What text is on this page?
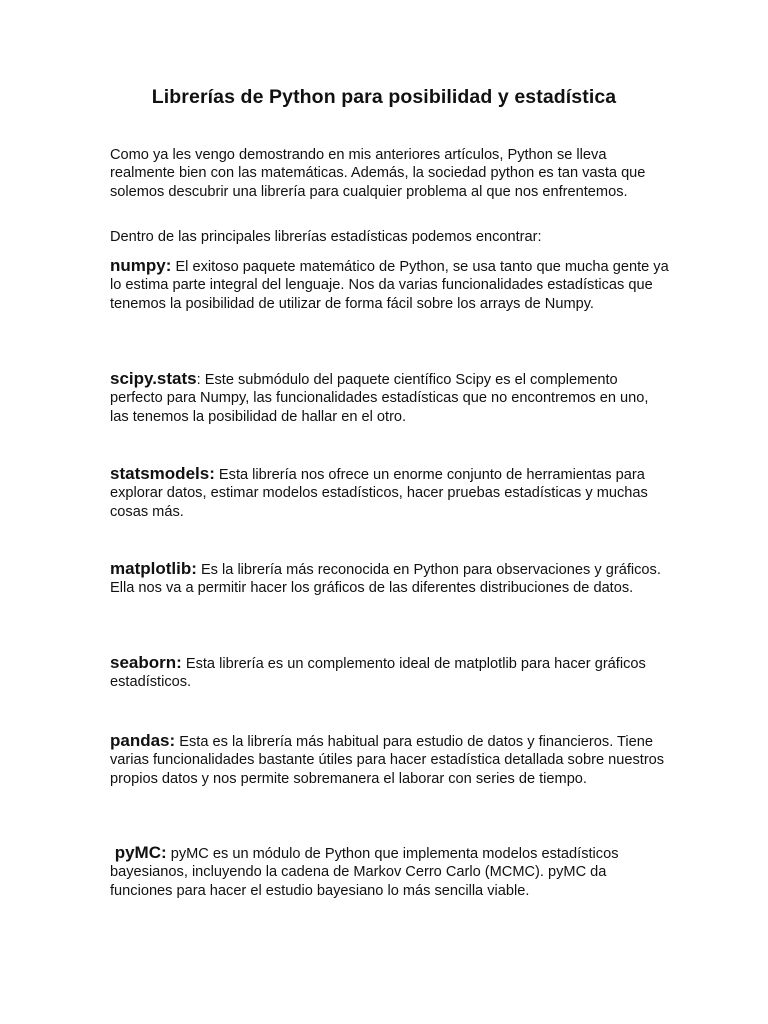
Librerías de Python para posibilidad y estadística

Como ya les vengo demostrando en mis anteriores artículos, Python se lleva realmente bien con las matemáticas. Además, la sociedad python es tan vasta que solemos descubrir una librería para cualquier problema al que nos enfrentemos.

Dentro de las principales librerías estadísticas podemos encontrar:

numpy: El exitoso paquete matemático de Python, se usa tanto que mucha gente ya lo estima parte integral del lenguaje. Nos da varias funcionalidades estadísticas que tenemos la posibilidad de utilizar de forma fácil sobre los arrays de Numpy.

scipy.stats: Este submódulo del paquete científico Scipy es el complemento perfecto para Numpy, las funcionalidades estadísticas que no encontremos en uno, las tenemos la posibilidad de hallar en el otro.

statsmodels: Esta librería nos ofrece un enorme conjunto de herramientas para explorar datos, estimar modelos estadísticos, hacer pruebas estadísticas y muchas cosas más.

matplotlib: Es la librería más reconocida en Python para observaciones y gráficos. Ella nos va a permitir hacer los gráficos de las diferentes distribuciones de datos.

seaborn: Esta librería es un complemento ideal de matplotlib para hacer gráficos estadísticos.

pandas: Esta es la librería más habitual para estudio de datos y financieros. Tiene varias funcionalidades bastante útiles para hacer estadística detallada sobre nuestros propios datos y nos permite sobremanera el laborar con series de tiempo.

pyMC: pyMC es un módulo de Python que implementa modelos estadísticos bayesianos, incluyendo la cadena de Markov Cerro Carlo (MCMC). pyMC da funciones para hacer el estudio bayesiano lo más sencilla viable.
